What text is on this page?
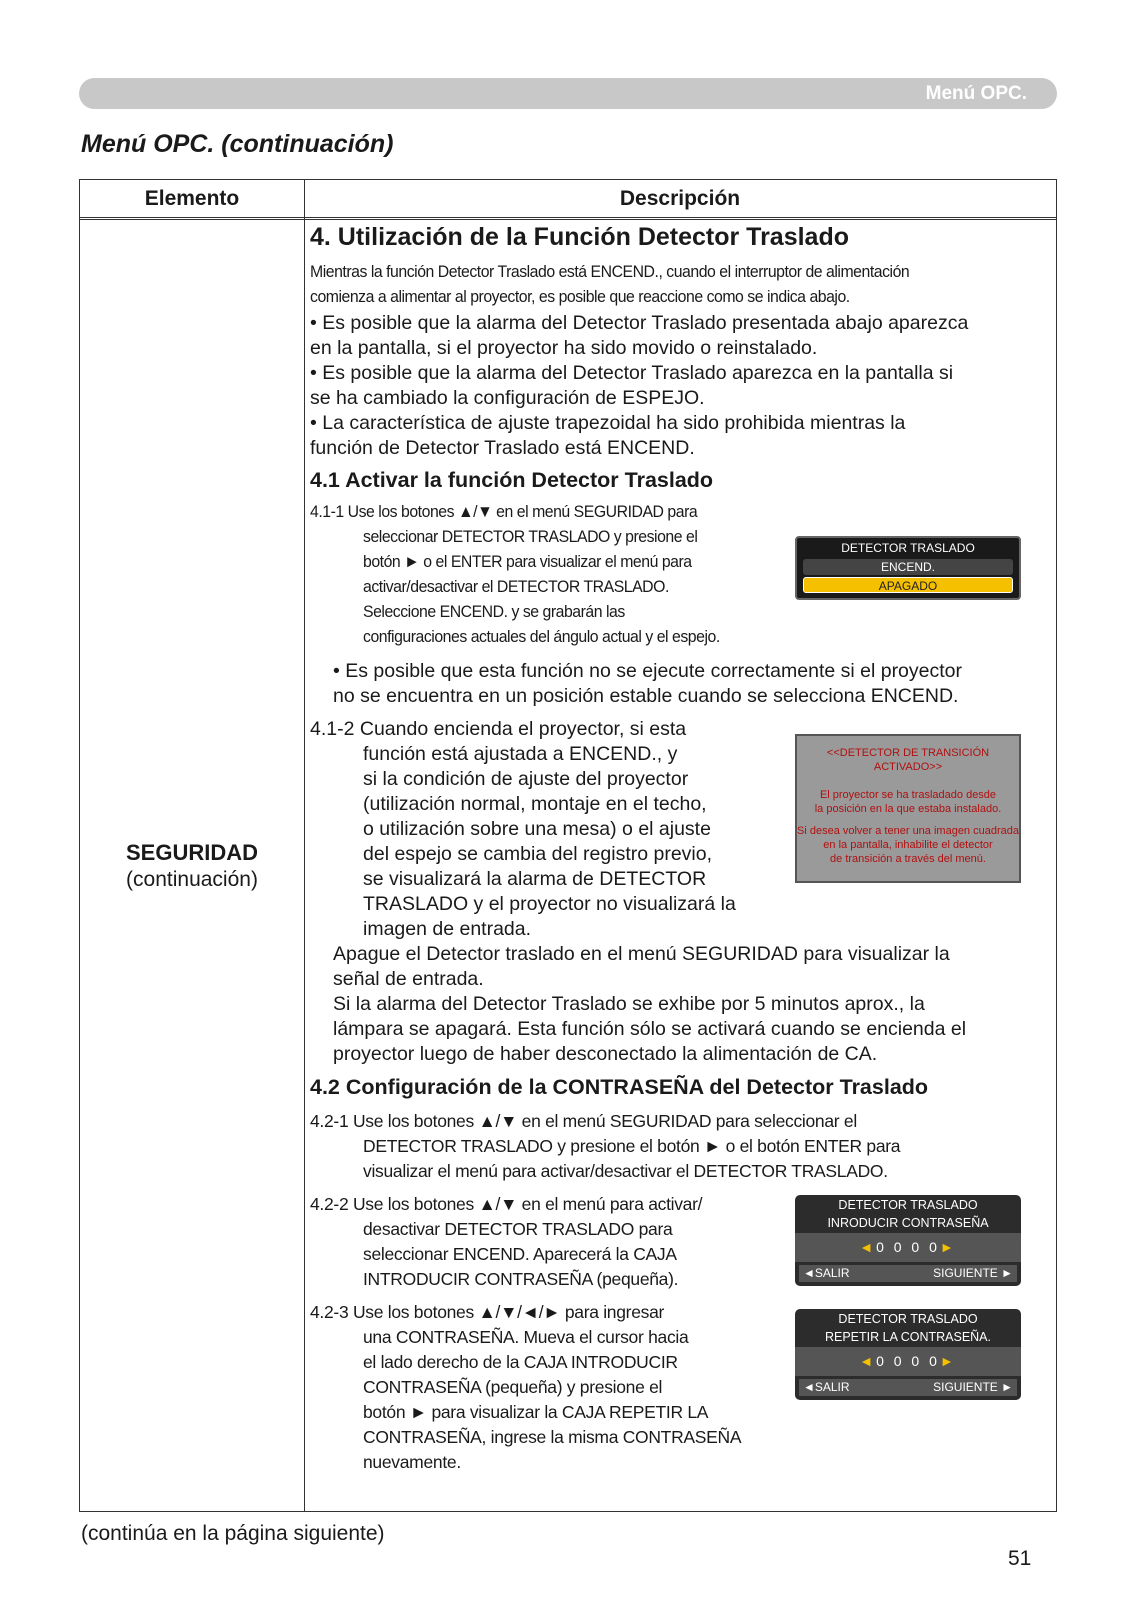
Menú OPC.
Menú OPC. (continuación)
Elemento	Descripción
SEGURIDAD
(continuación)
4. Utilización de la Función Detector Traslado
Mientras la función Detector Traslado está ENCEND., cuando el interruptor de alimentación
comienza a alimentar al proyector, es posible que reaccione como se indica abajo.
• Es posible que la alarma del Detector Traslado presentada abajo aparezca
en la pantalla, si el proyector ha sido movido o reinstalado.
• Es posible que la alarma del Detector Traslado aparezca en la pantalla si
se ha cambiado la configuración de ESPEJO.
• La característica de ajuste trapezoidal ha sido prohibida mientras la
función de Detector Traslado está ENCEND.
4.1 Activar la función Detector Traslado
4.1-1 Use los botones ▲/▼ en el menú SEGURIDAD para
seleccionar DETECTOR TRASLADO y presione el
botón ► o el ENTER para visualizar el menú para
activar/desactivar el DETECTOR TRASLADO.
Seleccione ENCEND. y se grabarán las
configuraciones actuales del ángulo actual y el espejo.
DETECTOR TRASLADO
ENCEND.
APAGADO
• Es posible que esta función no se ejecute correctamente si el proyector
no se encuentra en un posición estable cuando se selecciona ENCEND.
4.1-2 Cuando encienda el proyector, si esta
función está ajustada a ENCEND., y
si la condición de ajuste del proyector
(utilización normal, montaje en el techo,
o utilización sobre una mesa) o el ajuste
del espejo se cambia del registro previo,
se visualizará la alarma de DETECTOR
TRASLADO y el proyector no visualizará la
imagen de entrada.
<<DETECTOR DE TRANSICIÓN ACTIVADO>>
El proyector se ha trasladado desde
la posición en la que estaba instalado.
Si desea volver a tener una imagen cuadrada
en la pantalla, inhabilite el detector
de transición a través del menú.
Apague el Detector traslado en el menú SEGURIDAD para visualizar la
señal de entrada.
Si la alarma del Detector Traslado se exhibe por 5 minutos aprox., la
lámpara se apagará. Esta función sólo se activará cuando se encienda el
proyector luego de haber desconectado la alimentación de CA.
4.2 Configuración de la CONTRASEÑA del Detector Traslado
4.2-1 Use los botones ▲/▼ en el menú SEGURIDAD para seleccionar el
DETECTOR TRASLADO y presione el botón ► o el botón ENTER para
visualizar el menú para activar/desactivar el DETECTOR TRASLADO.
4.2-2 Use los botones ▲/▼ en el menú para activar/
desactivar DETECTOR TRASLADO para
seleccionar ENCEND. Aparecerá la CAJA
INTRODUCIR CONTRASEÑA (pequeña).
DETECTOR TRASLADO
INRODUCIR CONTRASEÑA
◄0 0 0 0►
◄SALIR	SIGUIENTE ►
4.2-3 Use los botones ▲/▼/◄/► para ingresar
una CONTRASEÑA. Mueva el cursor hacia
el lado derecho de la CAJA INTRODUCIR
CONTRASEÑA (pequeña) y presione el
botón ► para visualizar la CAJA REPETIR LA
CONTRASEÑA, ingrese la misma CONTRASEÑA
nuevamente.
DETECTOR TRASLADO
REPETIR LA CONTRASEÑA.
◄0 0 0 0►
◄SALIR	SIGUIENTE ►
(continúa en la página siguiente)
51
